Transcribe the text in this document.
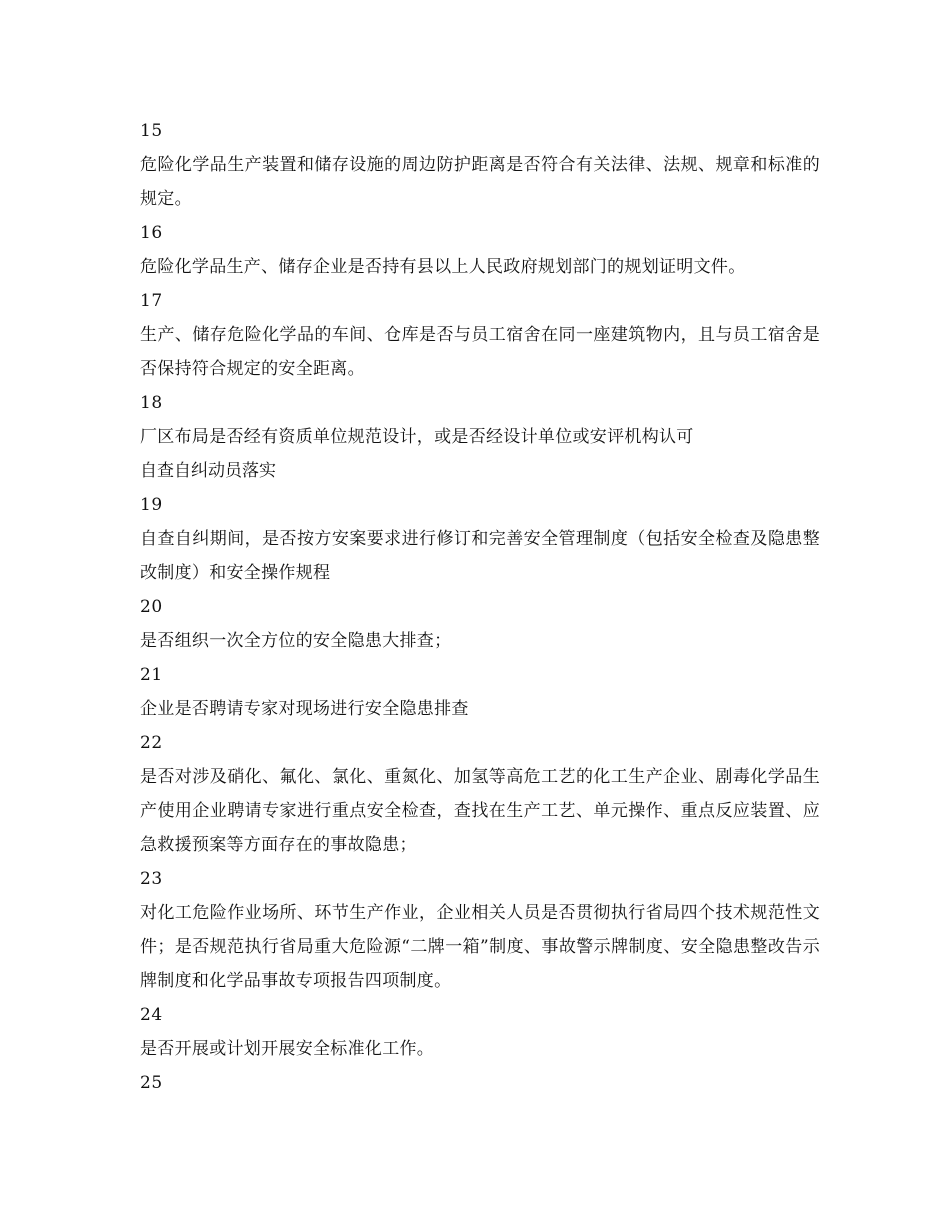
15

危险化学品生产装置和储存设施的周边防护距离是否符合有关法律、法规、规章和标准的规定。

16

危险化学品生产、储存企业是否持有县以上人民政府规划部门的规划证明文件。

17

生产、储存危险化学品的车间、仓库是否与员工宿舍在同一座建筑物内，且与员工宿舍是否保持符合规定的安全距离。

18

厂区布局是否经有资质单位规范设计，或是否经设计单位或安评机构认可

自查自纠动员落实

19

自查自纠期间，是否按方安案要求进行修订和完善安全管理制度（包括安全检查及隐患整改制度）和安全操作规程

20

是否组织一次全方位的安全隐患大排查；

21

企业是否聘请专家对现场进行安全隐患排查

22

是否对涉及硝化、氟化、氯化、重氮化、加氢等高危工艺的化工生产企业、剧毒化学品生产使用企业聘请专家进行重点安全检查，查找在生产工艺、单元操作、重点反应装置、应急救援预案等方面存在的事故隐患；

23

对化工危险作业场所、环节生产作业，企业相关人员是否贯彻执行省局四个技术规范性文件；是否规范执行省局重大危险源“二牌一箱”制度、事故警示牌制度、安全隐患整改告示牌制度和化学品事故专项报告四项制度。

24

是否开展或计划开展安全标准化工作。

25
